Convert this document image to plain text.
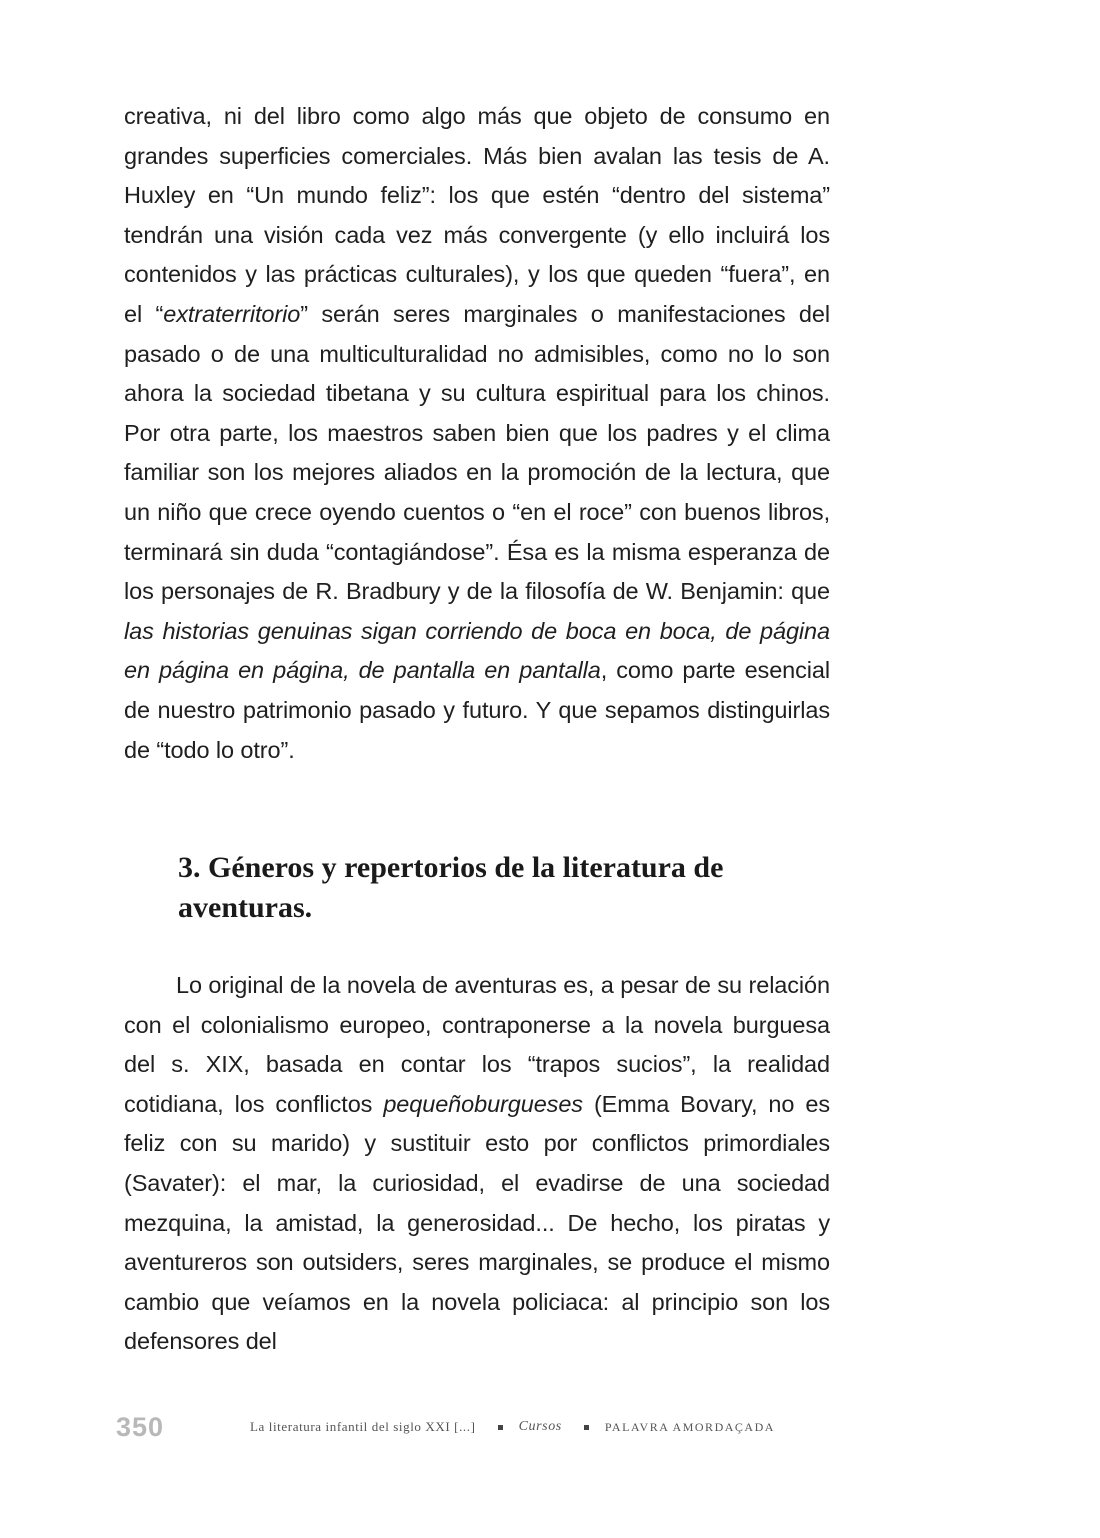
creativa, ni del libro como algo más que objeto de consumo en grandes superficies comerciales. Más bien avalan las tesis de A. Huxley en “Un mundo feliz”: los que estén “dentro del sistema” tendrán una visión cada vez más convergente (y ello incluirá los contenidos y las prácticas culturales), y los que queden “fuera”, en el “extraterritorio” serán seres marginales o manifestaciones del pasado o de una multiculturalidad no admisibles, como no lo son ahora la sociedad tibetana y su cultura espiritual para los chinos. Por otra parte, los maestros saben bien que los padres y el clima familiar son los mejores aliados en la promoción de la lectura, que un niño que crece oyendo cuentos o “en el roce” con buenos libros, terminará sin duda “contagiándose”. Ésa es la misma esperanza de los personajes de R. Bradbury y de la filosofía de W. Benjamin: que las historias genuinas sigan corriendo de boca en boca, de página en página en página, de pantalla en pantalla, como parte esencial de nuestro patrimonio pasado y futuro. Y que sepamos distinguirlas de “todo lo otro”.

3. Géneros y repertorios de la literatura de aventuras.

Lo original de la novela de aventuras es, a pesar de su relación con el colonialismo europeo, contraponerse a la novela burguesa del s. XIX, basada en contar los “trapos sucios”, la realidad cotidiana, los conflictos pequeñoburgueses (Emma Bovary, no es feliz con su marido) y sustituir esto por conflictos primordiales (Savater): el mar, la curiosidad, el evadirse de una sociedad mezquina, la amistad, la generosidad... De hecho, los piratas y aventureros son outsiders, seres marginales, se produce el mismo cambio que veíamos en la novela policiaca: al principio son los defensores del

350	La literatura infantil del siglo XXI [...]	Cursos	PALAVRA AMORDAÇADA
